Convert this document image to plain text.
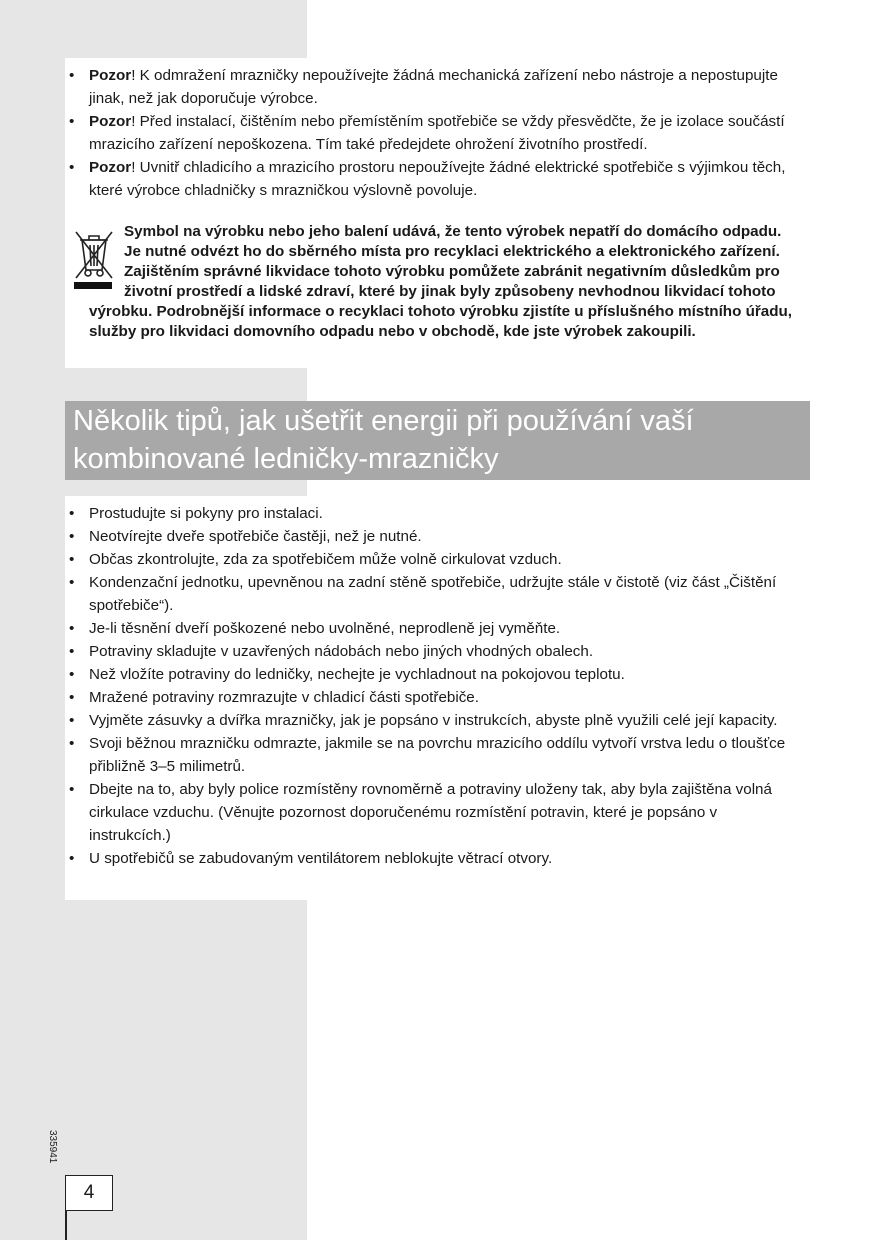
• Pozor! K odmražení mrazničky nepoužívejte žádná mechanická zařízení nebo nástroje a nepostupujte jinak, než jak doporučuje výrobce.
• Pozor! Před instalací, čištěním nebo přemístěním spotřebiče se vždy přesvědčte, že je izolace součástí mrazicího zařízení nepoškozena. Tím také předejdete ohrožení životního prostředí.
• Pozor! Uvnitř chladicího a mrazicího prostoru nepoužívejte žádné elektrické spotřebiče s výjimkou těch, které výrobce chladničky s mrazničkou výslovně povoluje.
Symbol na výrobku nebo jeho balení udává, že tento výrobek nepatří do domácího odpadu. Je nutné odvézt ho do sběrného místa pro recyklaci elektrického a elektronického zařízení. Zajištěním správné likvidace tohoto výrobku pomůžete zabránit negativním důsledkům pro životní prostředí a lidské zdraví, které by jinak byly způsobeny nevhodnou likvidací tohoto výrobku. Podrobnější informace o recyklaci tohoto výrobku zjistíte u příslušného místního úřadu, služby pro likvidaci domovního odpadu nebo v obchodě, kde jste výrobek zakoupili.
Několik tipů, jak ušetřit energii při používání vaší kombinované ledničky-mrazničky
• Prostudujte si pokyny pro instalaci.
• Neotvírejte dveře spotřebiče častěji, než je nutné.
• Občas zkontrolujte, zda za spotřebičem může volně cirkulovat vzduch.
• Kondenzační jednotku, upevněnou na zadní stěně spotřebiče, udržujte stále v čistotě (viz část „Čištění spotřebiče“).
• Je-li těsnění dveří poškozené nebo uvolněné, neprodleně jej vyměňte.
• Potraviny skladujte v uzavřených nádobách nebo jiných vhodných obalech.
• Než vložíte potraviny do ledničky, nechejte je vychladnout na pokojovou teplotu.
• Mražené potraviny rozmrazujte v chladicí části spotřebiče.
• Vyjměte zásuvky a dvířka mrazničky, jak je popsáno v instrukcích, abyste plně využili celé její kapacity.
• Svoji běžnou mrazničku odmrazte, jakmile se na povrchu mrazicího oddílu vytvoří vrstva ledu o tloušťce přibližně 3–5 milimetrů.
• Dbejte na to, aby byly police rozmístěny rovnoměrně a potraviny uloženy tak, aby byla zajištěna volná cirkulace vzduchu. (Věnujte pozornost doporučenému rozmístění potravin, které je popsáno v instrukcích.)
• U spotřebičů se zabudovaným ventilátorem neblokujte větrací otvory.
335941
4
